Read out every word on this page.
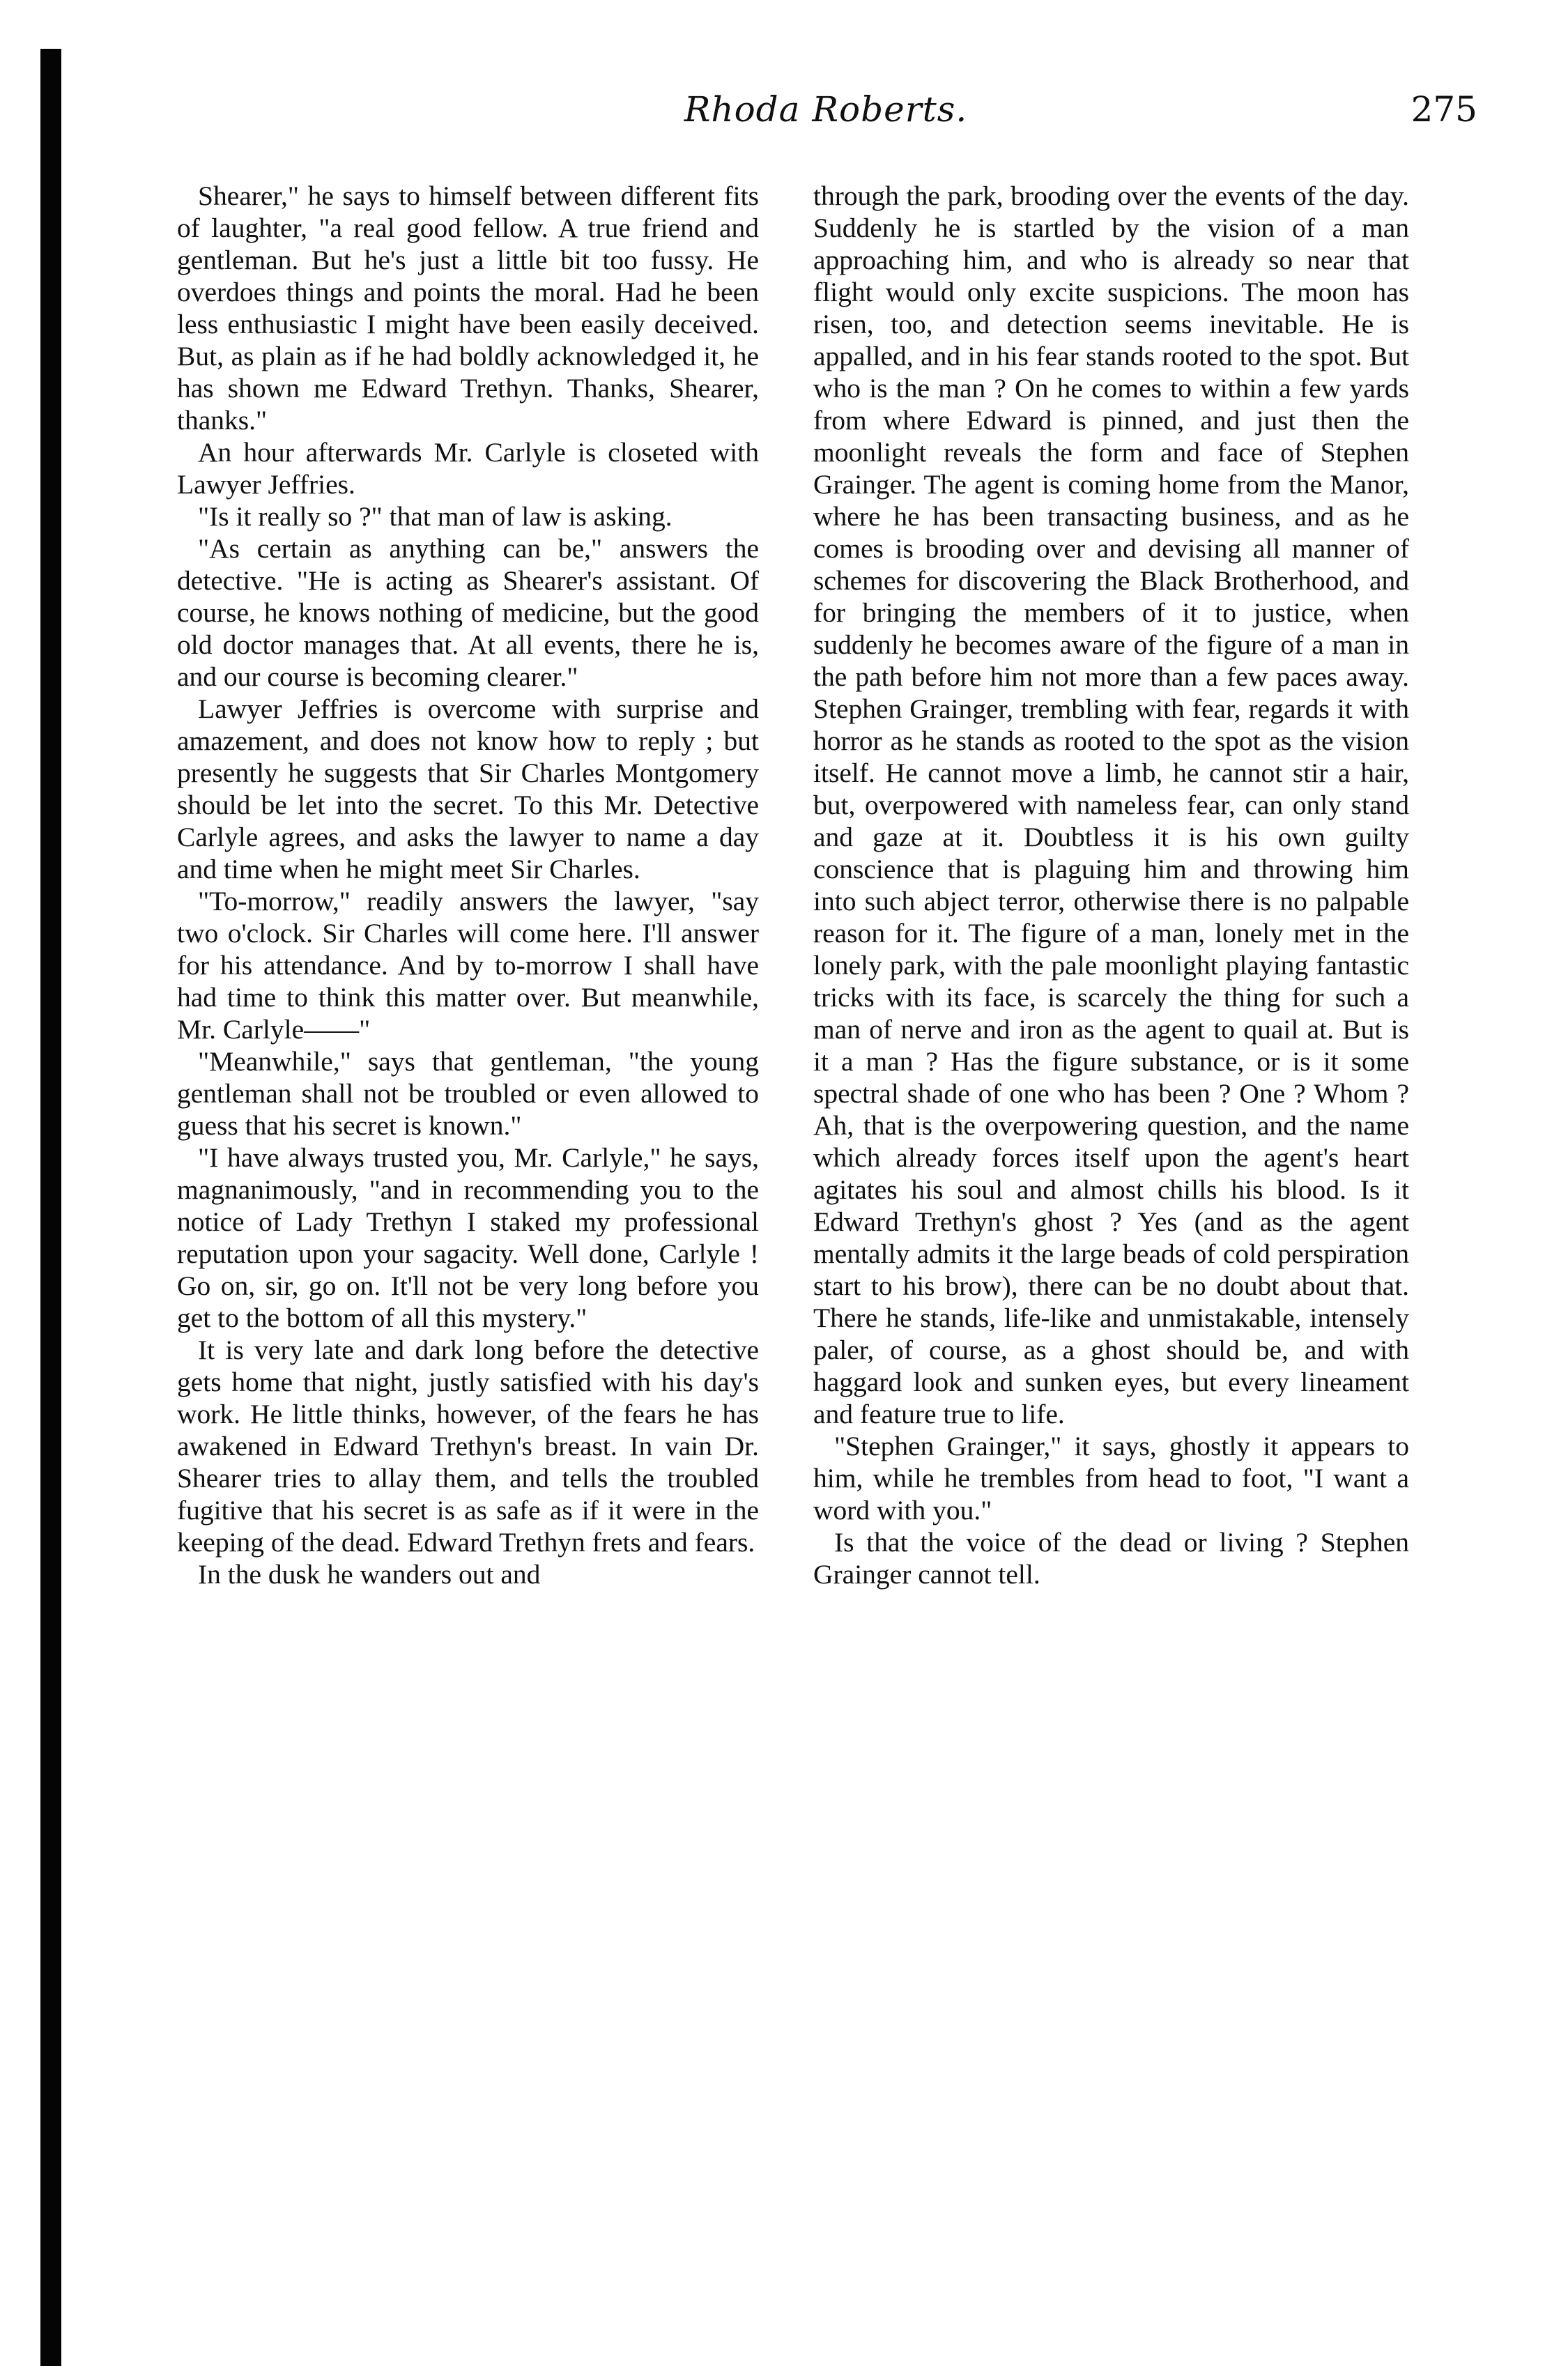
Rhoda Roberts.	275

Shearer," he says to himself between different fits of laughter, "a real good fellow. A true friend and gentleman. But he's just a little bit too fussy. He overdoes things and points the moral. Had he been less enthusiastic I might have been easily deceived. But, as plain as if he had boldly acknowledged it, he has shown me Edward Trethyn. Thanks, Shearer, thanks."

An hour afterwards Mr. Carlyle is closeted with Lawyer Jeffries.

"Is it really so ?" that man of law is asking.

"As certain as anything can be," answers the detective. "He is acting as Shearer's assistant. Of course, he knows nothing of medicine, but the good old doctor manages that. At all events, there he is, and our course is becoming clearer."

Lawyer Jeffries is overcome with surprise and amazement, and does not know how to reply ; but presently he suggests that Sir Charles Montgomery should be let into the secret. To this Mr. Detective Carlyle agrees, and asks the lawyer to name a day and time when he might meet Sir Charles.

"To-morrow," readily answers the lawyer, "say two o'clock. Sir Charles will come here. I'll answer for his attendance. And by to-morrow I shall have had time to think this matter over. But meanwhile, Mr. Carlyle——"

"Meanwhile," says that gentleman, "the young gentleman shall not be troubled or even allowed to guess that his secret is known."

"I have always trusted you, Mr. Carlyle," he says, magnanimously, "and in recommending you to the notice of Lady Trethyn I staked my professional reputation upon your sagacity. Well done, Carlyle ! Go on, sir, go on. It'll not be very long before you get to the bottom of all this mystery."

It is very late and dark long before the detective gets home that night, justly satisfied with his day's work. He little thinks, however, of the fears he has awakened in Edward Trethyn's breast. In vain Dr. Shearer tries to allay them, and tells the troubled fugitive that his secret is as safe as if it were in the keeping of the dead. Edward Trethyn frets and fears.

In the dusk he wanders out and

through the park, brooding over the events of the day. Suddenly he is startled by the vision of a man approaching him, and who is already so near that flight would only excite suspicions. The moon has risen, too, and detection seems inevitable. He is appalled, and in his fear stands rooted to the spot. But who is the man ? On he comes to within a few yards from where Edward is pinned, and just then the moonlight reveals the form and face of Stephen Grainger. The agent is coming home from the Manor, where he has been transacting business, and as he comes is brooding over and devising all manner of schemes for discovering the Black Brotherhood, and for bringing the members of it to justice, when suddenly he becomes aware of the figure of a man in the path before him not more than a few paces away. Stephen Grainger, trembling with fear, regards it with horror as he stands as rooted to the spot as the vision itself. He cannot move a limb, he cannot stir a hair, but, overpowered with nameless fear, can only stand and gaze at it. Doubtless it is his own guilty conscience that is plaguing him and throwing him into such abject terror, otherwise there is no palpable reason for it. The figure of a man, lonely met in the lonely park, with the pale moonlight playing fantastic tricks with its face, is scarcely the thing for such a man of nerve and iron as the agent to quail at. But is it a man ? Has the figure substance, or is it some spectral shade of one who has been ? One ? Whom ? Ah, that is the overpowering question, and the name which already forces itself upon the agent's heart agitates his soul and almost chills his blood. Is it Edward Trethyn's ghost ? Yes (and as the agent mentally admits it the large beads of cold perspiration start to his brow), there can be no doubt about that. There he stands, life-like and unmistakable, intensely paler, of course, as a ghost should be, and with haggard look and sunken eyes, but every lineament and feature true to life.

"Stephen Grainger," it says, ghostly it appears to him, while he trembles from head to foot, "I want a word with you."

Is that the voice of the dead or living ? Stephen Grainger cannot tell.
